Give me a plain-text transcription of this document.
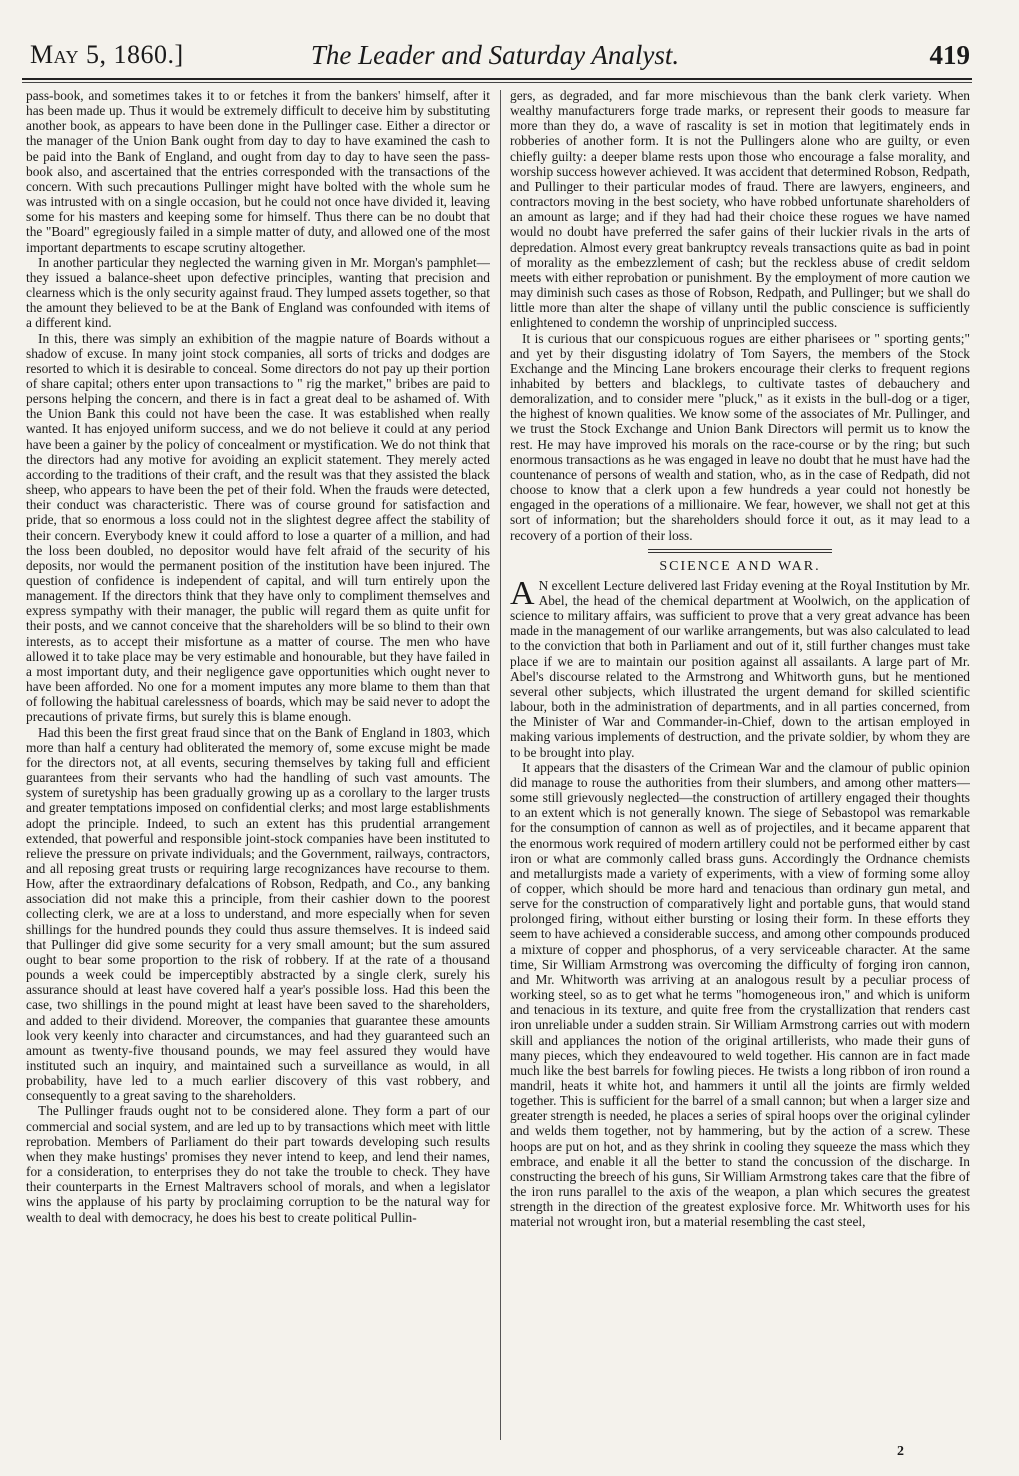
May 5, 1860.]	The Leader and Saturday Analyst.	419

pass-book, and sometimes takes it to or fetches it from the bankers' himself, after it has been made up. Thus it would be extremely difficult to deceive him by substituting another book, as appears to have been done in the Pullinger case. Either a director or the manager of the Union Bank ought from day to day to have examined the cash to be paid into the Bank of England, and ought from day to day to have seen the pass-book also, and ascertained that the entries corresponded with the transactions of the concern. With such precautions Pullinger might have bolted with the whole sum he was intrusted with on a single occasion, but he could not once have divided it, leaving some for his masters and keeping some for himself. Thus there can be no doubt that the "Board" egregiously failed in a simple matter of duty, and allowed one of the most important departments to escape scrutiny altogether.

In another particular they neglected the warning given in Mr. Morgan's pamphlet—they issued a balance-sheet upon defective principles, wanting that precision and clearness which is the only security against fraud. They lumped assets together, so that the amount they believed to be at the Bank of England was confounded with items of a different kind.

In this, there was simply an exhibition of the magpie nature of Boards without a shadow of excuse. In many joint stock companies, all sorts of tricks and dodges are resorted to which it is desirable to conceal. Some directors do not pay up their portion of share capital; others enter upon transactions to " rig the market," bribes are paid to persons helping the concern, and there is in fact a great deal to be ashamed of. With the Union Bank this could not have been the case. It was established when really wanted. It has enjoyed uniform success, and we do not believe it could at any period have been a gainer by the policy of concealment or mystification. We do not think that the directors had any motive for avoiding an explicit statement. They merely acted according to the traditions of their craft, and the result was that they assisted the black sheep, who appears to have been the pet of their fold. When the frauds were detected, their conduct was characteristic. There was of course ground for satisfaction and pride, that so enormous a loss could not in the slightest degree affect the stability of their concern. Everybody knew it could afford to lose a quarter of a million, and had the loss been doubled, no depositor would have felt afraid of the security of his deposits, nor would the permanent position of the institution have been injured. The question of confidence is independent of capital, and will turn entirely upon the management. If the directors think that they have only to compliment themselves and express sympathy with their manager, the public will regard them as quite unfit for their posts, and we cannot conceive that the shareholders will be so blind to their own interests, as to accept their misfortune as a matter of course. The men who have allowed it to take place may be very estimable and honourable, but they have failed in a most important duty, and their negligence gave opportunities which ought never to have been afforded. No one for a moment imputes any more blame to them than that of following the habitual carelessness of boards, which may be said never to adopt the precautions of private firms, but surely this is blame enough.

Had this been the first great fraud since that on the Bank of England in 1803, which more than half a century had obliterated the memory of, some excuse might be made for the directors not, at all events, securing themselves by taking full and efficient guarantees from their servants who had the handling of such vast amounts. The system of suretyship has been gradually growing up as a corollary to the larger trusts and greater temptations imposed on confidential clerks; and most large establishments adopt the principle. Indeed, to such an extent has this prudential arrangement extended, that powerful and responsible joint-stock companies have been instituted to relieve the pressure on private individuals; and the Government, railways, contractors, and all reposing great trusts or requiring large recognizances have recourse to them. How, after the extraordinary defalcations of Robson, Redpath, and Co., any banking association did not make this a principle, from their cashier down to the poorest collecting clerk, we are at a loss to understand, and more especially when for seven shillings for the hundred pounds they could thus assure themselves. It is indeed said that Pullinger did give some security for a very small amount; but the sum assured ought to bear some proportion to the risk of robbery. If at the rate of a thousand pounds a week could be imperceptibly abstracted by a single clerk, surely his assurance should at least have covered half a year's possible loss. Had this been the case, two shillings in the pound might at least have been saved to the shareholders, and added to their dividend. Moreover, the companies that guarantee these amounts look very keenly into character and circumstances, and had they guaranteed such an amount as twenty-five thousand pounds, we may feel assured they would have instituted such an inquiry, and maintained such a surveillance as would, in all probability, have led to a much earlier discovery of this vast robbery, and consequently to a great saving to the shareholders.

The Pullinger frauds ought not to be considered alone. They form a part of our commercial and social system, and are led up to by transactions which meet with little reprobation. Members of Parliament do their part towards developing such results when they make hustings' promises they never intend to keep, and lend their names, for a consideration, to enterprises they do not take the trouble to check. They have their counterparts in the Ernest Maltravers school of morals, and when a legislator wins the applause of his party by proclaiming corruption to be the natural way for wealth to deal with democracy, he does his best to create political Pullin-

gers, as degraded, and far more mischievous than the bank clerk variety. When wealthy manufacturers forge trade marks, or represent their goods to measure far more than they do, a wave of rascality is set in motion that legitimately ends in robberies of another form. It is not the Pullingers alone who are guilty, or even chiefly guilty: a deeper blame rests upon those who encourage a false morality, and worship success however achieved. It was accident that determined Robson, Redpath, and Pullinger to their particular modes of fraud. There are lawyers, engineers, and contractors moving in the best society, who have robbed unfortunate shareholders of an amount as large; and if they had had their choice these rogues we have named would no doubt have preferred the safer gains of their luckier rivals in the arts of depredation. Almost every great bankruptcy reveals transactions quite as bad in point of morality as the embezzlement of cash; but the reckless abuse of credit seldom meets with either reprobation or punishment. By the employment of more caution we may diminish such cases as those of Robson, Redpath, and Pullinger; but we shall do little more than alter the shape of villany until the public conscience is sufficiently enlightened to condemn the worship of unprincipled success.

It is curious that our conspicuous rogues are either pharisees or " sporting gents;" and yet by their disgusting idolatry of Tom Sayers, the members of the Stock Exchange and the Mincing Lane brokers encourage their clerks to frequent regions inhabited by betters and blacklegs, to cultivate tastes of debauchery and demoralization, and to consider mere "pluck," as it exists in the bull-dog or a tiger, the highest of known qualities. We know some of the associates of Mr. Pullinger, and we trust the Stock Exchange and Union Bank Directors will permit us to know the rest. He may have improved his morals on the race-course or by the ring; but such enormous transactions as he was engaged in leave no doubt that he must have had the countenance of persons of wealth and station, who, as in the case of Redpath, did not choose to know that a clerk upon a few hundreds a year could not honestly be engaged in the operations of a millionaire. We fear, however, we shall not get at this sort of information; but the shareholders should force it out, as it may lead to a recovery of a portion of their loss.

SCIENCE AND WAR.

A N excellent Lecture delivered last Friday evening at the Royal Institution by Mr. Abel, the head of the chemical department at Woolwich, on the application of science to military affairs, was sufficient to prove that a very great advance has been made in the management of our warlike arrangements, but was also calculated to lead to the conviction that both in Parliament and out of it, still further changes must take place if we are to maintain our position against all assailants. A large part of Mr. Abel's discourse related to the Armstrong and Whitworth guns, but he mentioned several other subjects, which illustrated the urgent demand for skilled scientific labour, both in the administration of departments, and in all parties concerned, from the Minister of War and Commander-in-Chief, down to the artisan employed in making various implements of destruction, and the private soldier, by whom they are to be brought into play.

It appears that the disasters of the Crimean War and the clamour of public opinion did manage to rouse the authorities from their slumbers, and among other matters—some still grievously neglected—the construction of artillery engaged their thoughts to an extent which is not generally known. The siege of Sebastopol was remarkable for the consumption of cannon as well as of projectiles, and it became apparent that the enormous work required of modern artillery could not be performed either by cast iron or what are commonly called brass guns. Accordingly the Ordnance chemists and metallurgists made a variety of experiments, with a view of forming some alloy of copper, which should be more hard and tenacious than ordinary gun metal, and serve for the construction of comparatively light and portable guns, that would stand prolonged firing, without either bursting or losing their form. In these efforts they seem to have achieved a considerable success, and among other compounds produced a mixture of copper and phosphorus, of a very serviceable character. At the same time, Sir William Armstrong was overcoming the difficulty of forging iron cannon, and Mr. Whitworth was arriving at an analogous result by a peculiar process of working steel, so as to get what he terms "homogeneous iron," and which is uniform and tenacious in its texture, and quite free from the crystallization that renders cast iron unreliable under a sudden strain. Sir William Armstrong carries out with modern skill and appliances the notion of the original artillerists, who made their guns of many pieces, which they endeavoured to weld together. His cannon are in fact made much like the best barrels for fowling pieces. He twists a long ribbon of iron round a mandril, heats it white hot, and hammers it until all the joints are firmly welded together. This is sufficient for the barrel of a small cannon; but when a larger size and greater strength is needed, he places a series of spiral hoops over the original cylinder and welds them together, not by hammering, but by the action of a screw. These hoops are put on hot, and as they shrink in cooling they squeeze the mass which they embrace, and enable it all the better to stand the concussion of the discharge. In constructing the breech of his guns, Sir William Armstrong takes care that the fibre of the iron runs parallel to the axis of the weapon, a plan which secures the greatest strength in the direction of the greatest explosive force. Mr. Whitworth uses for his material not wrought iron, but a material resembling the cast steel,

2
